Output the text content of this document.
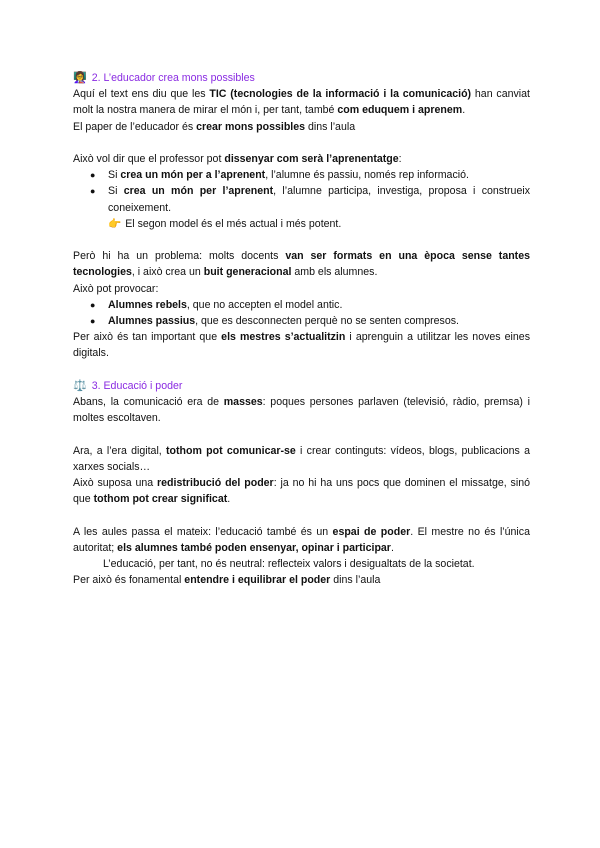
👩‍🏫 2. L’educador crea mons possibles

Aquí el text ens diu que les TIC (tecnologies de la informació i la comunicació) han canviat molt la nostra manera de mirar el món i, per tant, també com eduquem i aprenem.

El paper de l’educador és crear mons possibles dins l’aula

Això vol dir que el professor pot dissenyar com serà l’aprenentatge:

● Si crea un món per a l’aprenent, l’alumne és passiu, només rep informació.
● Si crea un món per l’aprenent, l’alumne participa, investiga, proposa i construeix coneixement.

👉 El segon model és el més actual i més potent.

Però hi ha un problema: molts docents van ser formats en una època sense tantes tecnologies, i això crea un buit generacional amb els alumnes.

Això pot provocar:

● Alumnes rebels, que no accepten el model antic.
● Alumnes passius, que es desconnecten perquè no se senten compresos.

Per això és tan important que els mestres s’actualitzin i aprenguin a utilitzar les noves eines digitals.

⚖️ 3. Educació i poder

Abans, la comunicació era de masses: poques persones parlaven (televisió, ràdio, premsa) i moltes escoltaven.

Ara, a l’era digital, tothom pot comunicar-se i crear continguts: vídeos, blogs, publicacions a xarxes socials…

Això suposa una redistribució del poder: ja no hi ha uns pocs que dominen el missatge, sinó que tothom pot crear significat.

A les aules passa el mateix: l’educació també és un espai de poder. El mestre no és l’única autoritat; els alumnes també poden ensenyar, opinar i participar.

L’educació, per tant, no és neutral: reflecteix valors i desigualtats de la societat.

Per això és fonamental entendre i equilibrar el poder dins l’aula
